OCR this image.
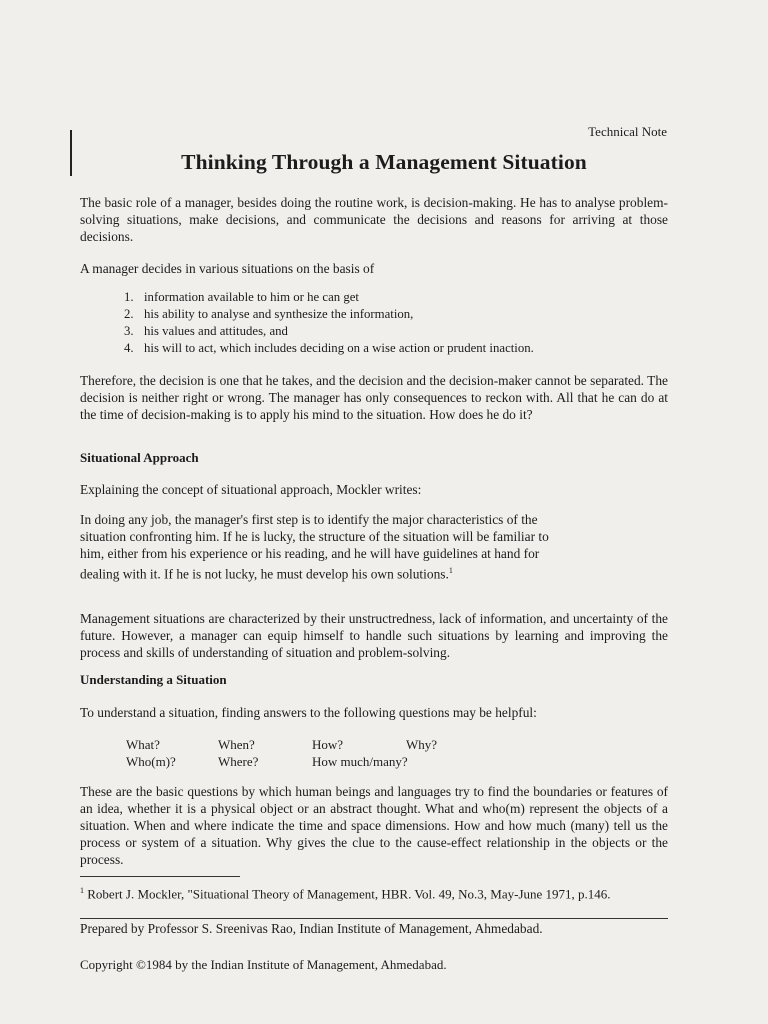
Technical Note

Thinking Through a Management Situation

The basic role of a manager, besides doing the routine work, is decision-making. He has to analyse problem-solving situations, make decisions, and communicate the decisions and reasons for arriving at those decisions.

A manager decides in various situations on the basis of

1. information available to him or he can get
2. his ability to analyse and synthesize the information,
3. his values and attitudes, and
4. his will to act, which includes deciding on a wise action or prudent inaction.

Therefore, the decision is one that he takes, and the decision and the decision-maker cannot be separated. The decision is neither right or wrong. The manager has only consequences to reckon with. All that he can do at the time of decision-making is to apply his mind to the situation. How does he do it?

Situational Approach

Explaining the concept of situational approach, Mockler writes:

In doing any job, the manager's first step is to identify the major characteristics of the situation confronting him. If he is lucky, the structure of the situation will be familiar to him, either from his experience or his reading, and he will have guidelines at hand for dealing with it. If he is not lucky, he must develop his own solutions.$^1$

Management situations are characterized by their unstructredness, lack of information, and uncertainty of the future. However, a manager can equip himself to handle such situations by learning and improving the process and skills of understanding of situation and problem-solving.

Understanding a Situation

To understand a situation, finding answers to the following questions may be helpful:

What?	When?	How?	Why?
Who(m)?	Where?	How much/many?

These are the basic questions by which human beings and languages try to find the boundaries or features of an idea, whether it is a physical object or an abstract thought. What and who(m) represent the objects of a situation. When and where indicate the time and space dimensions. How and how much (many) tell us the process or system of a situation. Why gives the clue to the cause-effect relationship in the objects or the process.

$^1$ Robert J. Mockler, "Situational Theory of Management, HBR. Vol. 49, No.3, May-June 1971, p.146.

Prepared by Professor S. Sreenivas Rao, Indian Institute of Management, Ahmedabad.

Copyright ©1984 by the Indian Institute of Management, Ahmedabad.
